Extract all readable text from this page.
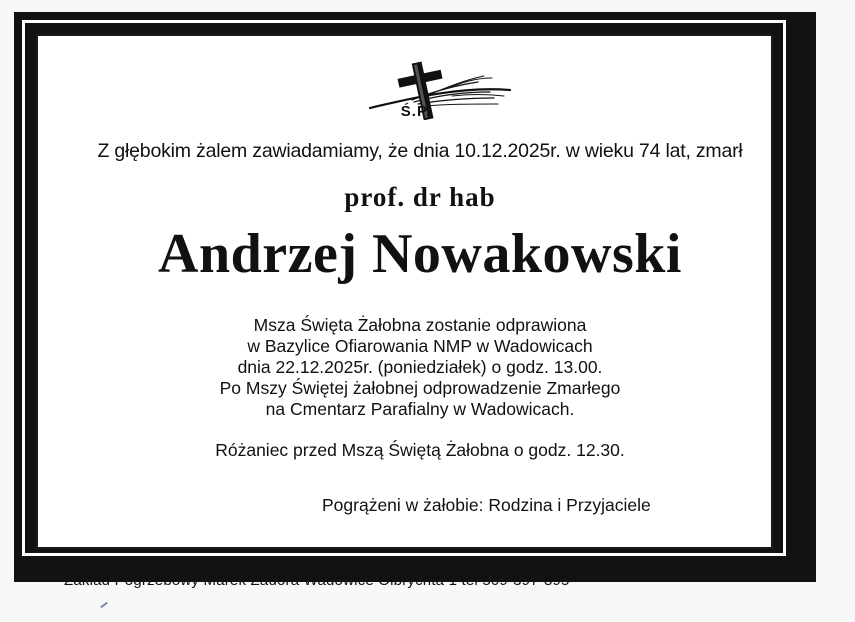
Ś.P.
Z głębokim żalem zawiadamiamy, że dnia 10.12.2025r. w wieku 74 lat, zmarł
prof. dr hab
Andrzej Nowakowski
Msza Święta Żałobna zostanie odprawiona
w Bazylice Ofiarowania NMP w Wadowicach
dnia 22.12.2025r. (poniedziałek) o godz. 13.00.
Po Mszy Świętej żałobnej odprowadzenie Zmarłego
na Cmentarz Parafialny w Wadowicach.
Różaniec przed Mszą Świętą Żałobna o godz. 12.30.
Pogrążeni w żałobie: Rodzina i Przyjaciele
Zakład Pogrzebowy Marek Zadora Wadowice Olbrychta 1 tel 509-397-895
